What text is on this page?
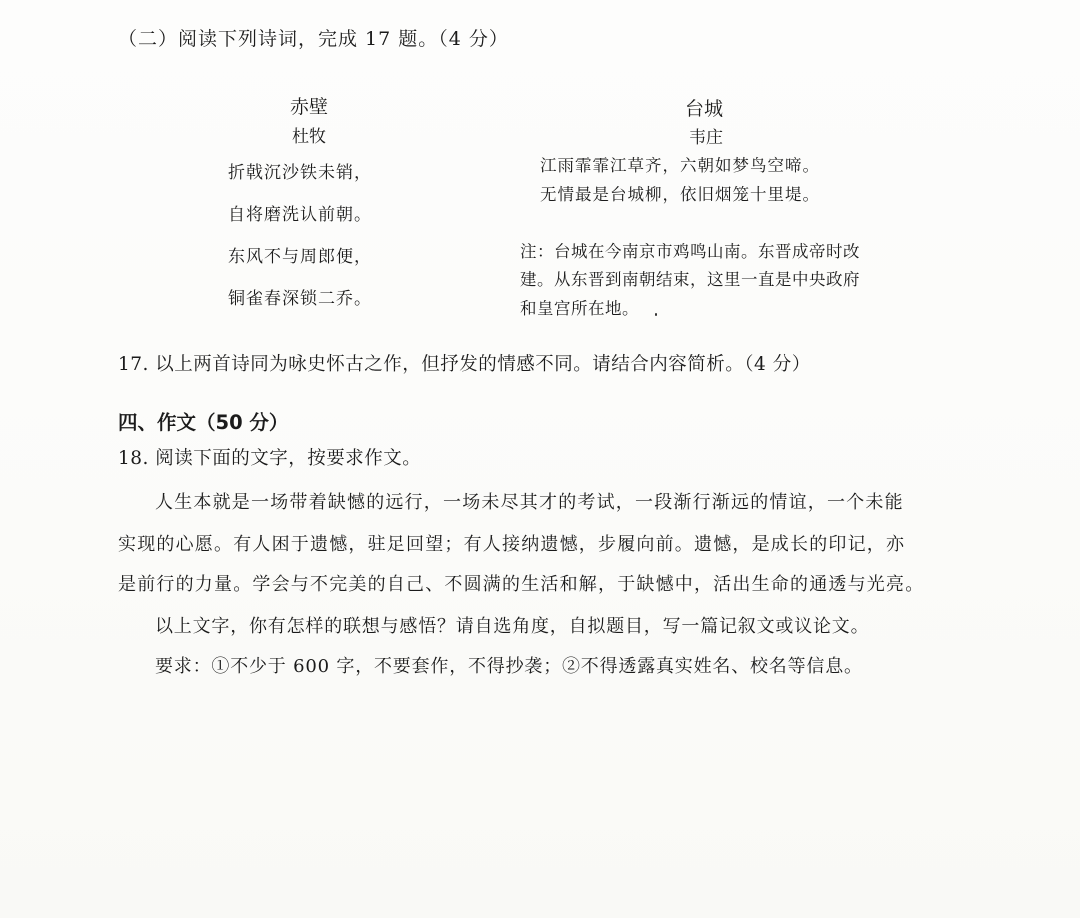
（二）阅读下列诗词，完成 17 题。（4 分）
赤壁
杜牧
折戟沉沙铁未销，
自将磨洗认前朝。
东风不与周郎便，
铜雀春深锁二乔。
台城
韦庄
江雨霏霏江草齐，六朝如梦鸟空啼。
无情最是台城柳，依旧烟笼十里堤。
注：台城在今南京市鸡鸣山南。东晋成帝时改
建。从东晋到南朝结束，这里一直是中央政府
和皇宫所在地。
17. 以上两首诗同为咏史怀古之作，但抒发的情感不同。请结合内容简析。（4 分）
四、作文（50 分）
18. 阅读下面的文字，按要求作文。
人生本就是一场带着缺憾的远行，一场未尽其才的考试，一段渐行渐远的情谊，一个未能
实现的心愿。有人困于遗憾，驻足回望；有人接纳遗憾，步履向前。遗憾，是成长的印记，亦
是前行的力量。学会与不完美的自己、不圆满的生活和解，于缺憾中，活出生命的通透与光亮。
以上文字，你有怎样的联想与感悟？请自选角度，自拟题目，写一篇记叙文或议论文。
要求：①不少于 600 字，不要套作，不得抄袭；②不得透露真实姓名、校名等信息。
